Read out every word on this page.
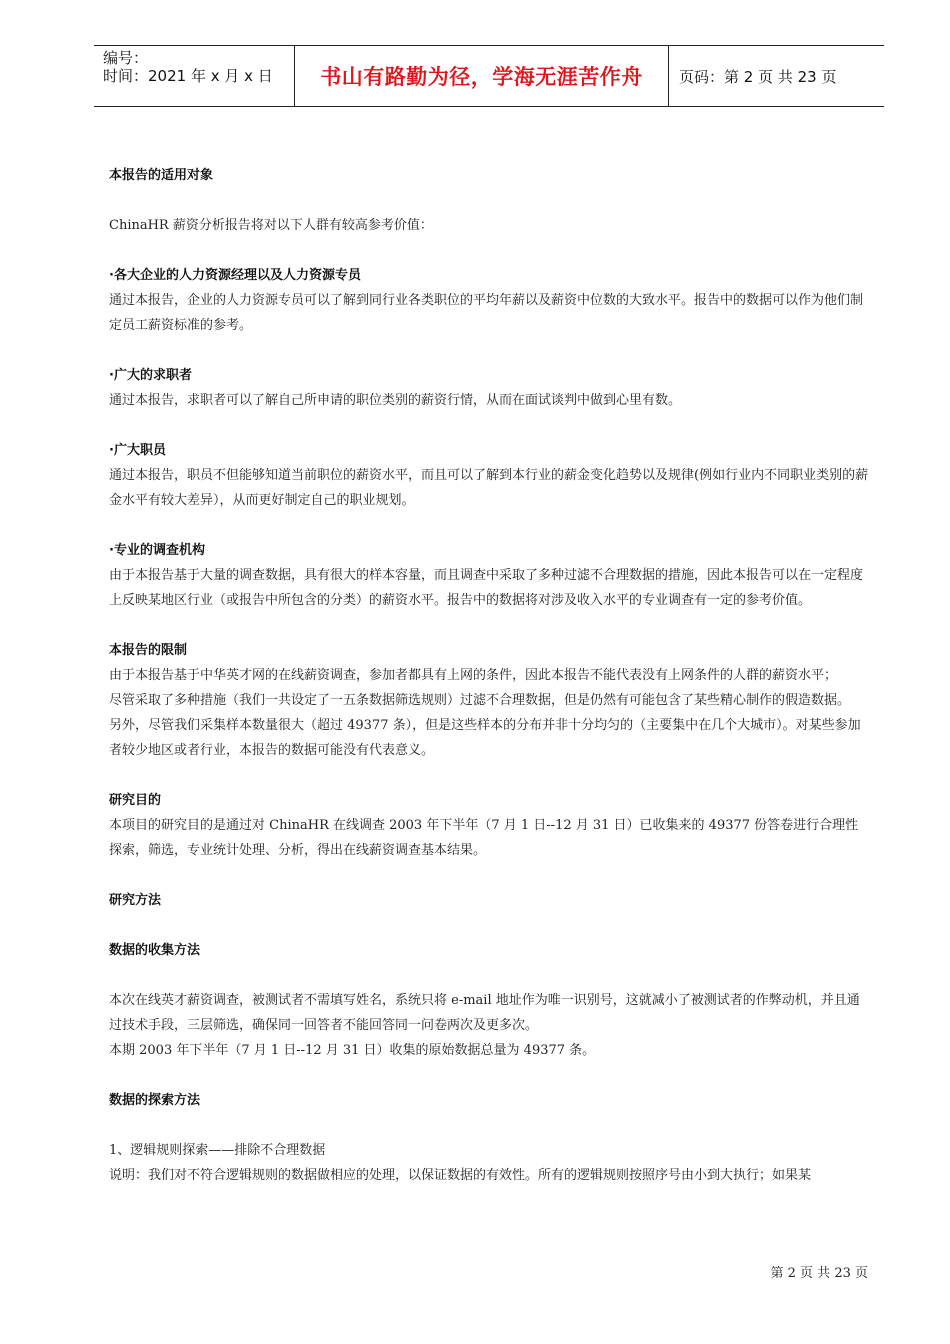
编号：
时间：2021 年 x 月 x 日	书山有路勤为径，学海无涯苦作舟	页码：第 2 页 共 23 页

本报告的适用对象

ChinaHR 薪资分析报告将对以下人群有较高参考价值：

·各大企业的人力资源经理以及人力资源专员

通过本报告，企业的人力资源专员可以了解到同行业各类职位的平均年薪以及薪资中位数的大致水平。报告中的数据可以作为他们制定员工薪资标准的参考。

·广大的求职者

通过本报告，求职者可以了解自己所申请的职位类别的薪资行情，从而在面试谈判中做到心里有数。

·广大职员

通过本报告，职员不但能够知道当前职位的薪资水平，而且可以了解到本行业的薪金变化趋势以及规律(例如行业内不同职业类别的薪金水平有较大差异），从而更好制定自己的职业规划。

·专业的调查机构

由于本报告基于大量的调查数据，具有很大的样本容量，而且调查中采取了多种过滤不合理数据的措施，因此本报告可以在一定程度上反映某地区行业（或报告中所包含的分类）的薪资水平。报告中的数据将对涉及收入水平的专业调查有一定的参考价值。

本报告的限制

由于本报告基于中华英才网的在线薪资调查，参加者都具有上网的条件，因此本报告不能代表没有上网条件的人群的薪资水平；

尽管采取了多种措施（我们一共设定了一五条数据筛选规则）过滤不合理数据，但是仍然有可能包含了某些精心制作的假造数据。

另外，尽管我们采集样本数量很大（超过 49377 条），但是这些样本的分布并非十分均匀的（主要集中在几个大城市）。对某些参加者较少地区或者行业，本报告的数据可能没有代表意义。

研究目的

本项目的研究目的是通过对 ChinaHR 在线调查 2003 年下半年（7 月 1 日--12 月 31 日）已收集来的 49377 份答卷进行合理性探索，筛选，专业统计处理、分析，得出在线薪资调查基本结果。

研究方法

数据的收集方法

本次在线英才薪资调查，被测试者不需填写姓名，系统只将 e-mail 地址作为唯一识别号，这就减小了被测试者的作弊动机，并且通过技术手段，三层筛选，确保同一回答者不能回答同一问卷两次及更多次。

本期 2003 年下半年（7 月 1 日--12 月 31 日）收集的原始数据总量为 49377 条。

数据的探索方法

1、逻辑规则探索——排除不合理数据

说明：我们对不符合逻辑规则的数据做相应的处理，以保证数据的有效性。所有的逻辑规则按照序号由小到大执行；如果某

第 2 页 共 23 页
